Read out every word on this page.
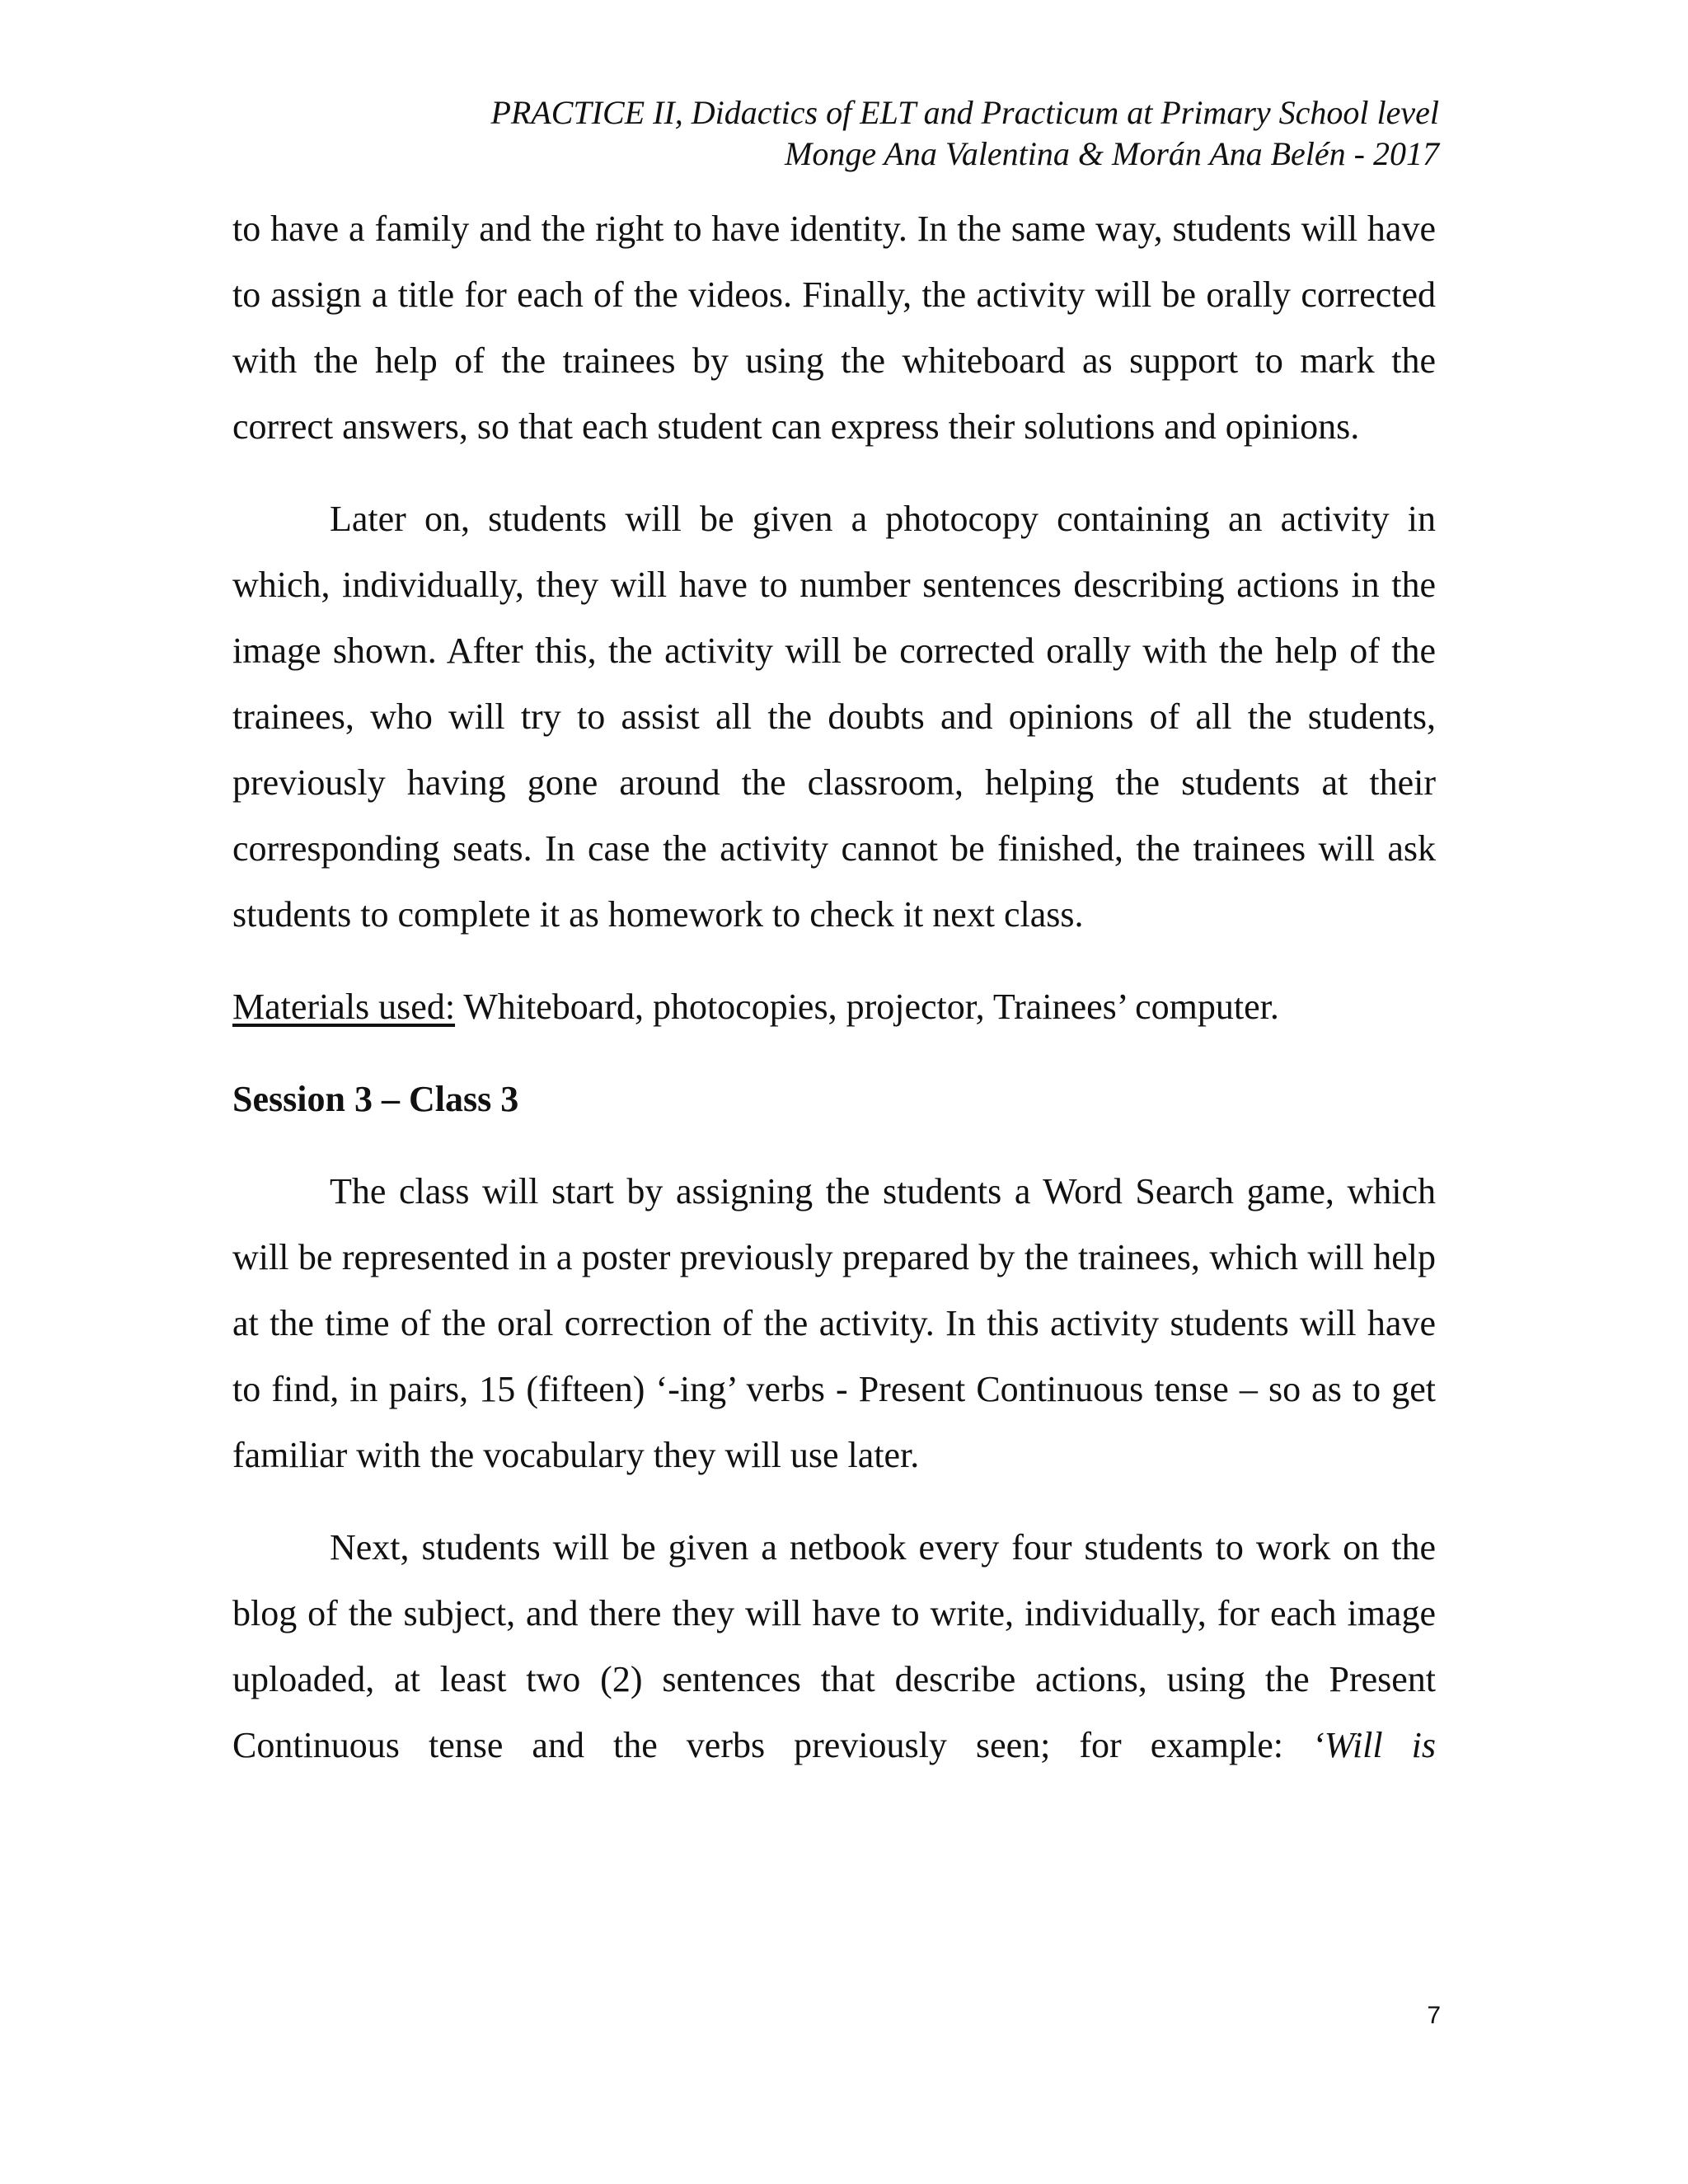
PRACTICE II, Didactics of ELT and Practicum at Primary School level
Monge Ana Valentina & Morán Ana Belén - 2017

to have a family and the right to have identity. In the same way, students will have to assign a title for each of the videos. Finally, the activity will be orally corrected with the help of the trainees by using the whiteboard as support to mark the correct answers, so that each student can express their solutions and opinions.

Later on, students will be given a photocopy containing an activity in which, individually, they will have to number sentences describing actions in the image shown. After this, the activity will be corrected orally with the help of the trainees, who will try to assist all the doubts and opinions of all the students, previously having gone around the classroom, helping the students at their corresponding seats. In case the activity cannot be finished, the trainees will ask students to complete it as homework to check it next class.

Materials used: Whiteboard, photocopies, projector, Trainees’ computer.

Session 3 – Class 3

The class will start by assigning the students a Word Search game, which will be represented in a poster previously prepared by the trainees, which will help at the time of the oral correction of the activity. In this activity students will have to find, in pairs, 15 (fifteen) ‘-ing’ verbs - Present Continuous tense – so as to get familiar with the vocabulary they will use later.

Next, students will be given a netbook every four students to work on the blog of the subject, and there they will have to write, individually, for each image uploaded, at least two (2) sentences that describe actions, using the Present Continuous tense and the verbs previously seen; for example: ‘Will is

7
